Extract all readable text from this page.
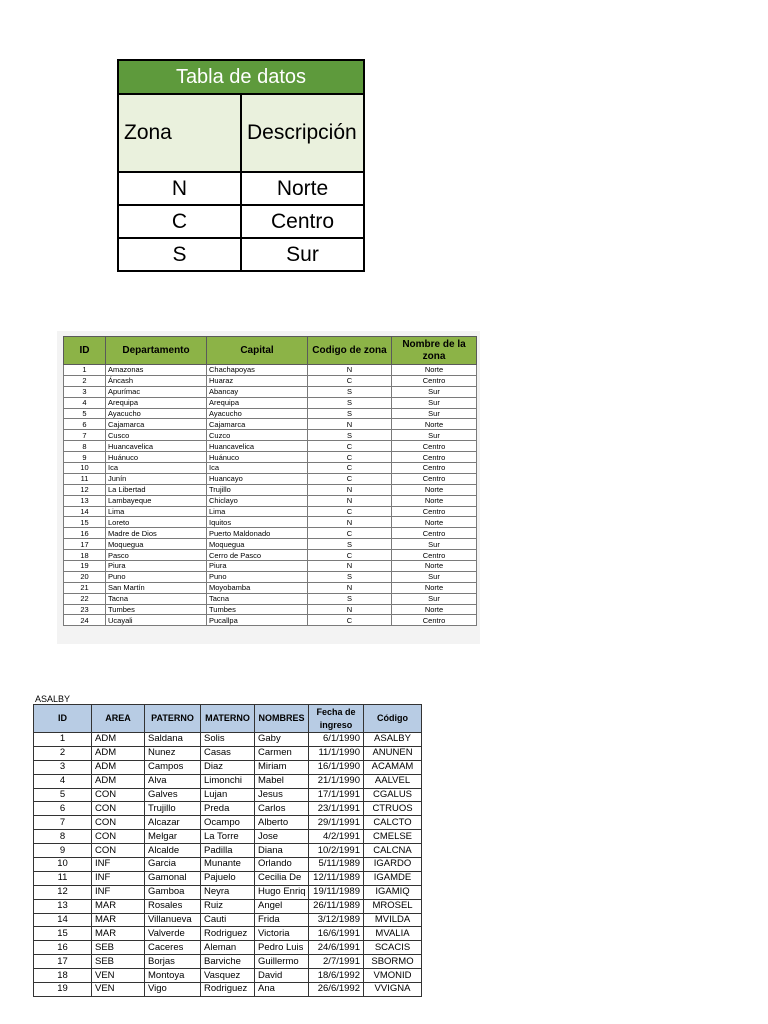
Tabla de datos	
Zona	Descripción
N	Norte
C	Centro
S	Sur
ID	Departamento	Capital	Codigo de zona	Nombre de la zona
1	Amazonas	Chachapoyas	N	Norte
2	Áncash	Huaraz	C	Centro
3	Apurímac	Abancay	S	Sur
4	Arequipa	Arequipa	S	Sur
5	Ayacucho	Ayacucho	S	Sur
6	Cajamarca	Cajamarca	N	Norte
7	Cusco	Cuzco	S	Sur
8	Huancavelica	Huancavelica	C	Centro
9	Huánuco	Huánuco	C	Centro
10	Ica	Ica	C	Centro
11	Junín	Huancayo	C	Centro
12	La Libertad	Trujillo	N	Norte
13	Lambayeque	Chiclayo	N	Norte
14	Lima	Lima	C	Centro
15	Loreto	Iquitos	N	Norte
16	Madre de Dios	Puerto Maldonado	C	Centro
17	Moquegua	Moquegua	S	Sur
18	Pasco	Cerro de Pasco	C	Centro
19	Piura	Piura	N	Norte
20	Puno	Puno	S	Sur
21	San Martín	Moyobamba	N	Norte
22	Tacna	Tacna	S	Sur
23	Tumbes	Tumbes	N	Norte
24	Ucayali	Pucallpa	C	Centro
ASALBY
ID	AREA	PATERNO	MATERNO	NOMBRES	Fecha de ingreso	Código
1	ADM	Saldana	Solis	Gaby	6/1/1990	ASALBY
2	ADM	Nunez	Casas	Carmen	11/1/1990	ANUNEN
3	ADM	Campos	Diaz	Miriam	16/1/1990	ACAMAM
4	ADM	Alva	Limonchi	Mabel	21/1/1990	AALVEL
5	CON	Galves	Lujan	Jesus	17/1/1991	CGALUS
6	CON	Trujillo	Preda	Carlos	23/1/1991	CTRUOS
7	CON	Alcazar	Ocampo	Alberto	29/1/1991	CALCTO
8	CON	Melgar	La Torre	Jose	4/2/1991	CMELSE
9	CON	Alcalde	Padilla	Diana	10/2/1991	CALCNA
10	INF	Garcia	Munante	Orlando	5/11/1989	IGARDO
11	INF	Gamonal	Pajuelo	Cecilia De	12/11/1989	IGAMDE
12	INF	Gamboa	Neyra	Hugo Enriq	19/11/1989	IGAMIQ
13	MAR	Rosales	Ruiz	Angel	26/11/1989	MROSEL
14	MAR	Villanueva	Cauti	Frida	3/12/1989	MVILDA
15	MAR	Valverde	Rodriguez	Victoria	16/6/1991	MVALIA
16	SEB	Caceres	Aleman	Pedro Luis	24/6/1991	SCACIS
17	SEB	Borjas	Barviche	Guillermo	2/7/1991	SBORMO
18	VEN	Montoya	Vasquez	David	18/6/1992	VMONID
19	VEN	Vigo	Rodriguez	Ana	26/6/1992	VVIGNA
